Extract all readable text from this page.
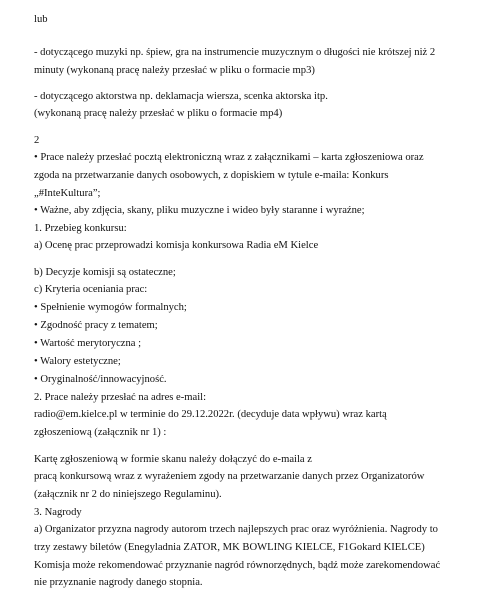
lub
- dotyczącego muzyki np. śpiew, gra na instrumencie muzycznym o długości nie krótszej niż 2
minuty (wykonaną pracę należy przesłać w pliku o formacie mp3)
- dotyczącego aktorstwa np. deklamacja wiersza, scenka aktorska itp.
(wykonaną pracę należy przesłać w pliku o formacie mp4)
2
• Prace należy przesłać pocztą elektroniczną wraz z załącznikami – karta zgłoszeniowa oraz
zgoda na przetwarzanie danych osobowych, z dopiskiem w tytule e-maila: Konkurs
„#InteKultura”;
• Ważne, aby zdjęcia, skany, pliku muzyczne i wideo były staranne i wyraźne;
1. Przebieg konkursu:
a) Ocenę prac przeprowadzi komisja konkursowa Radia eM Kielce
b) Decyzje komisji są ostateczne;
c) Kryteria oceniania prac:
• Spełnienie wymogów formalnych;
• Zgodność pracy z tematem;
• Wartość merytoryczna ;
• Walory estetyczne;
• Oryginalność/innowacyjność.
2. Prace należy przesłać na adres e-mail:
radio@em.kielce.pl w terminie do 29.12.2022r. (decyduje data wpływu) wraz kartą
zgłoszeniową (załącznik nr 1) :
Kartę zgłoszeniową w formie skanu należy dołączyć do e-maila z
pracą konkursową wraz z wyrażeniem zgody na przetwarzanie danych przez Organizatorów
(załącznik nr 2 do niniejszego Regulaminu).
3. Nagrody
a) Organizator przyzna nagrody autorom trzech najlepszych prac oraz wyróżnienia. Nagrody to
trzy zestawy biletów (Enegyladnia ZATOR, MK BOWLING KIELCE, F1Gokard KIELCE)
Komisja może rekomendować przyznanie nagród równorzędnych, bądź może zarekomendować
nie przyznanie nagrody danego stopnia.
